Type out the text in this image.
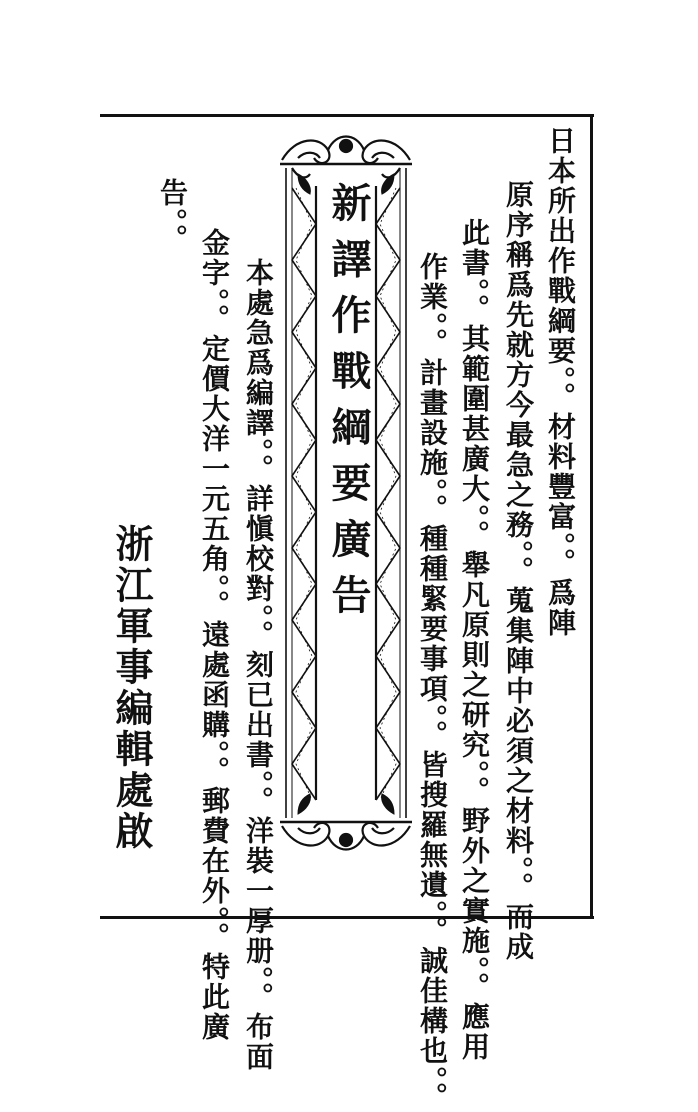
日本所出作戰綱要。。材料豐富。。爲陣
原序稱爲先就方今最急之務。。蒐集陣中必須之材料。。而成
此書。。其範圍甚廣大。。舉凡原則之研究。。野外之實施。。應用
作業。。計畫設施。。種種緊要事項。。皆搜羅無遺。。誠佳構也。。
新譯作戰綱要廣告
本處急爲編譯。。詳愼校對。。刻已出書。。洋裝一厚册。。布面
金字。。定價大洋一元五角。。遠處函購。。郵費在外。。特此廣
告。。
浙江軍事編輯處啟
